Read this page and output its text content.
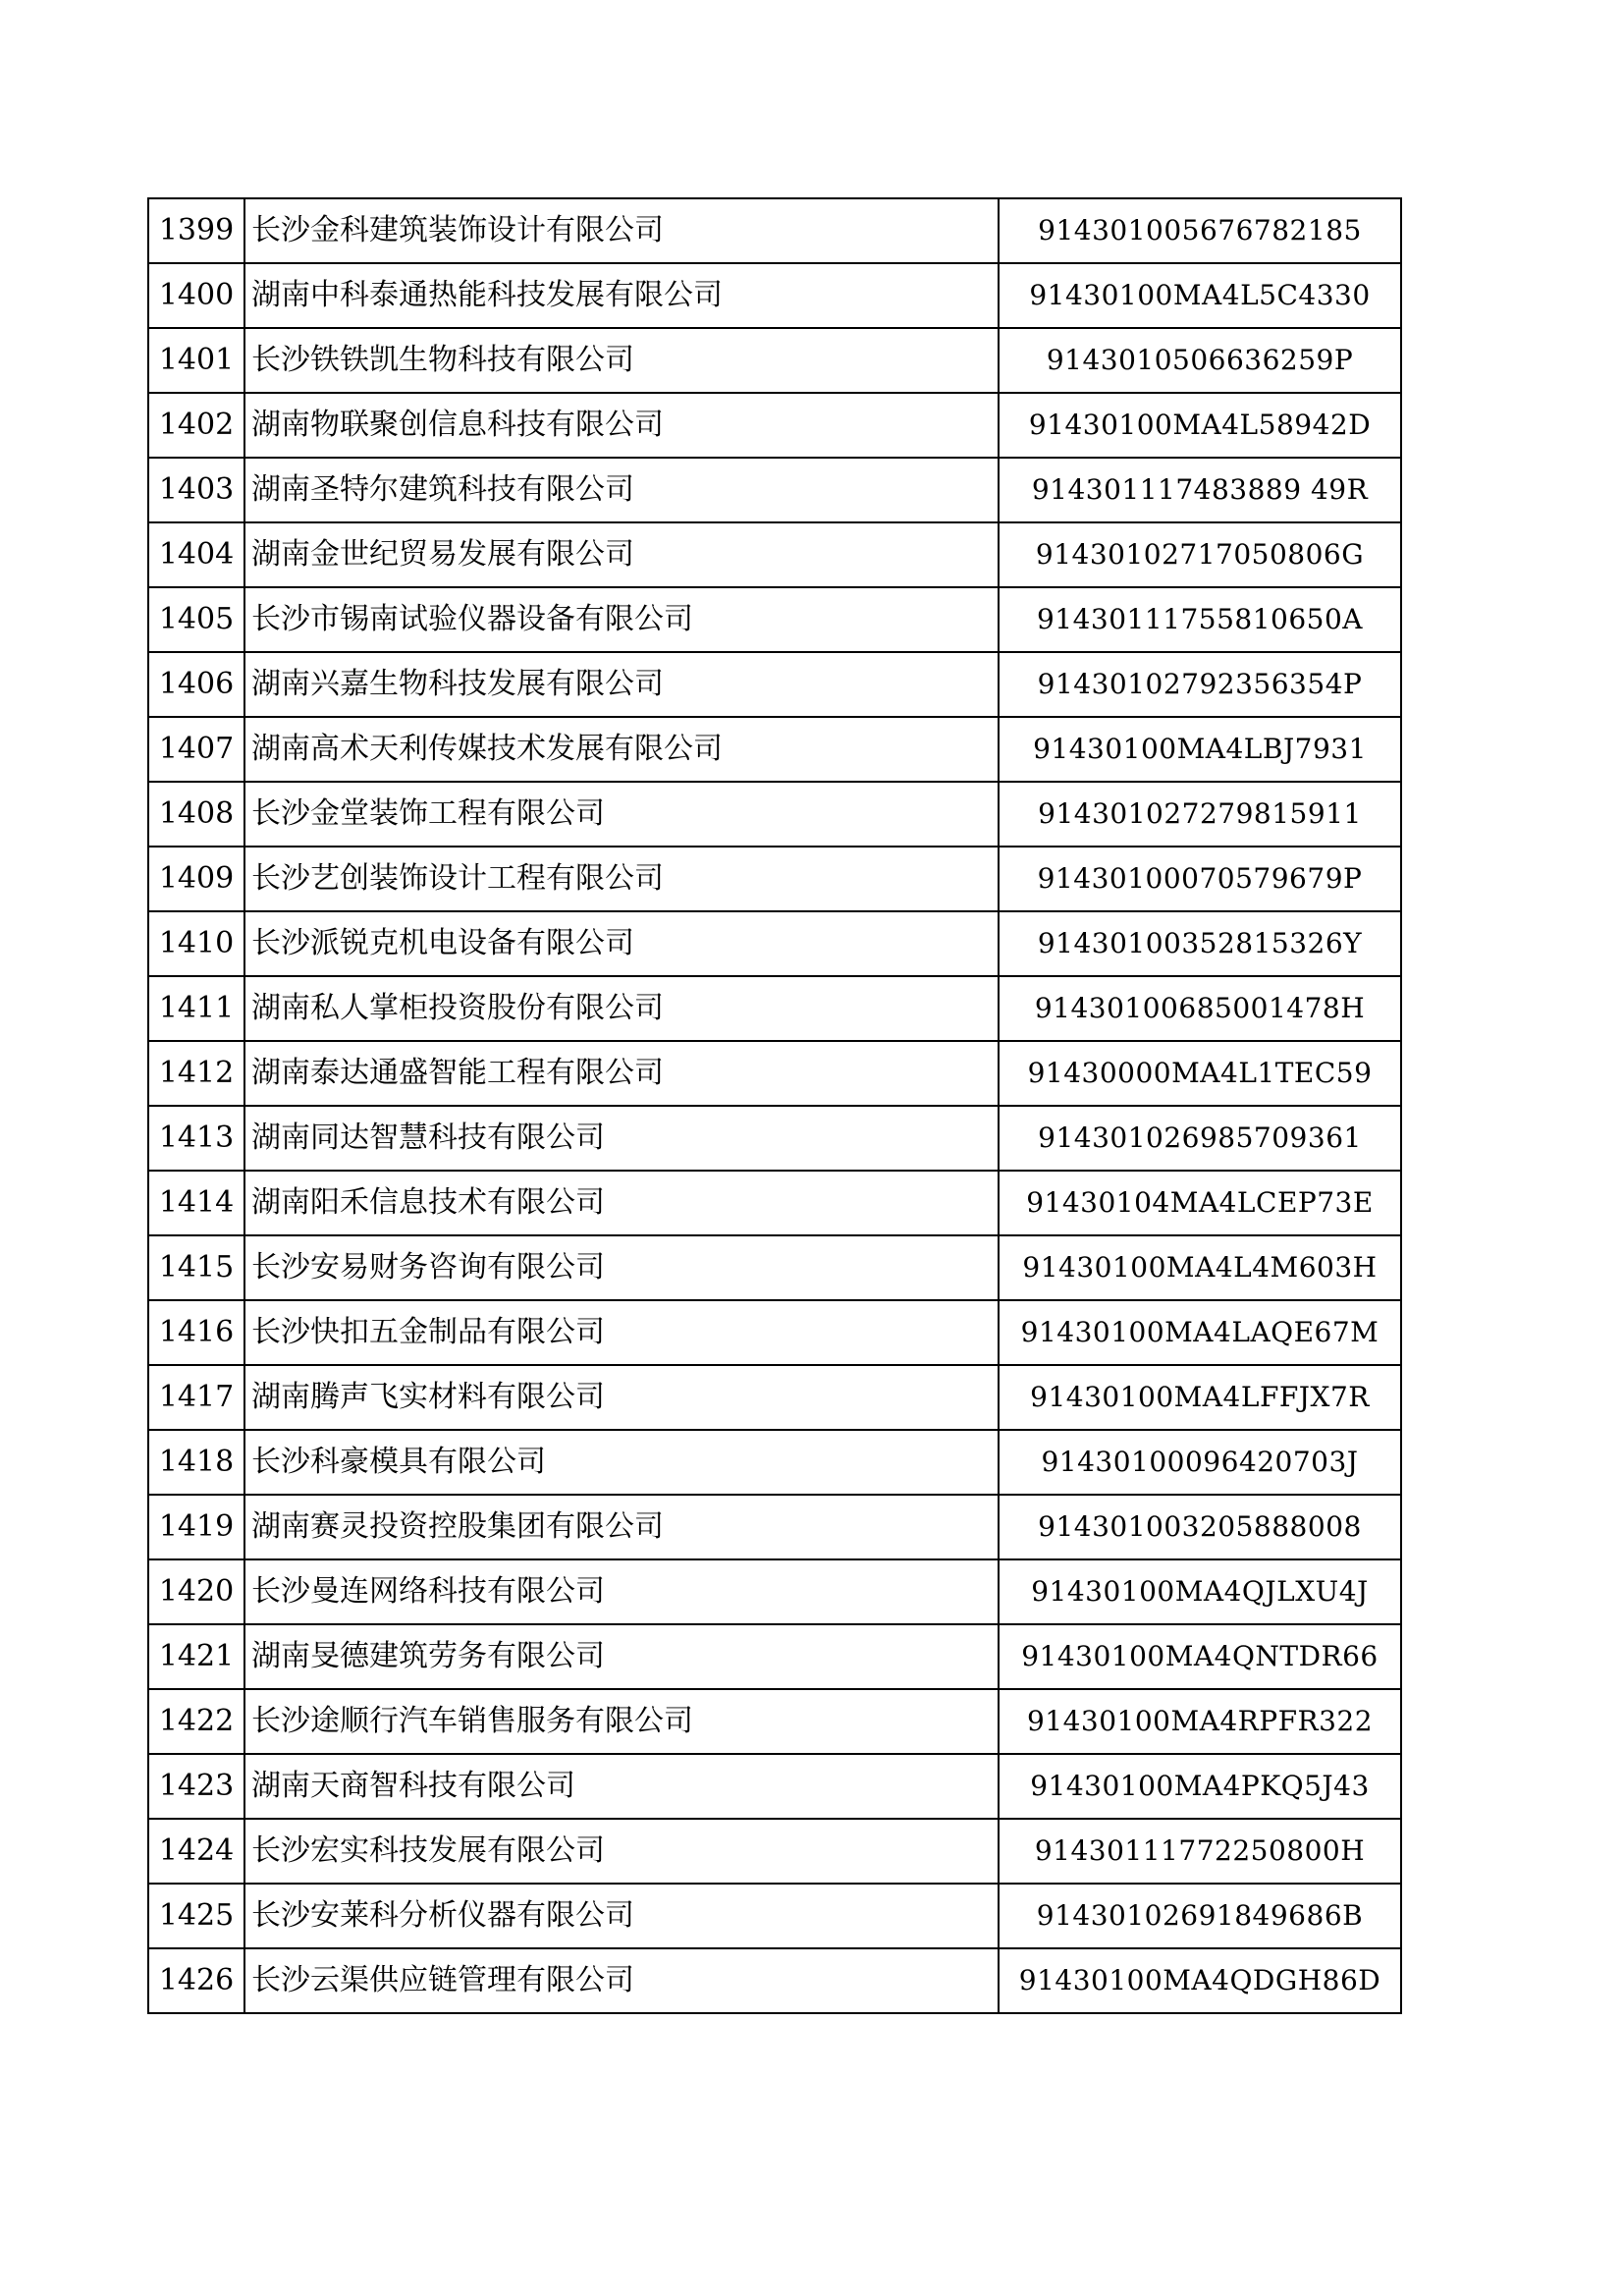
1399	长沙金科建筑装饰设计有限公司	914301005676782185
1400	湖南中科泰通热能科技发展有限公司	91430100MA4L5C4330
1401	长沙铁铁凯生物科技有限公司	9143010506636259P
1402	湖南物联聚创信息科技有限公司	91430100MA4L58942D
1403	湖南圣特尔建筑科技有限公司	914301117483889 49R
1404	湖南金世纪贸易发展有限公司	91430102717050806G
1405	长沙市锡南试验仪器设备有限公司	91430111755810650A
1406	湖南兴嘉生物科技发展有限公司	91430102792356354P
1407	湖南高术天利传媒技术发展有限公司	91430100MA4LBJ7931
1408	长沙金堂装饰工程有限公司	914301027279815911
1409	长沙艺创装饰设计工程有限公司	91430100070579679P
1410	长沙派锐克机电设备有限公司	91430100352815326Y
1411	湖南私人掌柜投资股份有限公司	91430100685001478H
1412	湖南泰达通盛智能工程有限公司	91430000MA4L1TEC59
1413	湖南同达智慧科技有限公司	914301026985709361
1414	湖南阳禾信息技术有限公司	91430104MA4LCEP73E
1415	长沙安易财务咨询有限公司	91430100MA4L4M603H
1416	长沙快扣五金制品有限公司	91430100MA4LAQE67M
1417	湖南腾声飞实材料有限公司	91430100MA4LFFJX7R
1418	长沙科豪模具有限公司	91430100096420703J
1419	湖南赛灵投资控股集团有限公司	914301003205888008
1420	长沙曼连网络科技有限公司	91430100MA4QJLXU4J
1421	湖南旻德建筑劳务有限公司	91430100MA4QNTDR66
1422	长沙途顺行汽车销售服务有限公司	91430100MA4RPFR322
1423	湖南天商智科技有限公司	91430100MA4PKQ5J43
1424	长沙宏实科技发展有限公司	91430111772250800H
1425	长沙安莱科分析仪器有限公司	91430102691849686B
1426	长沙云渠供应链管理有限公司	91430100MA4QDGH86D
